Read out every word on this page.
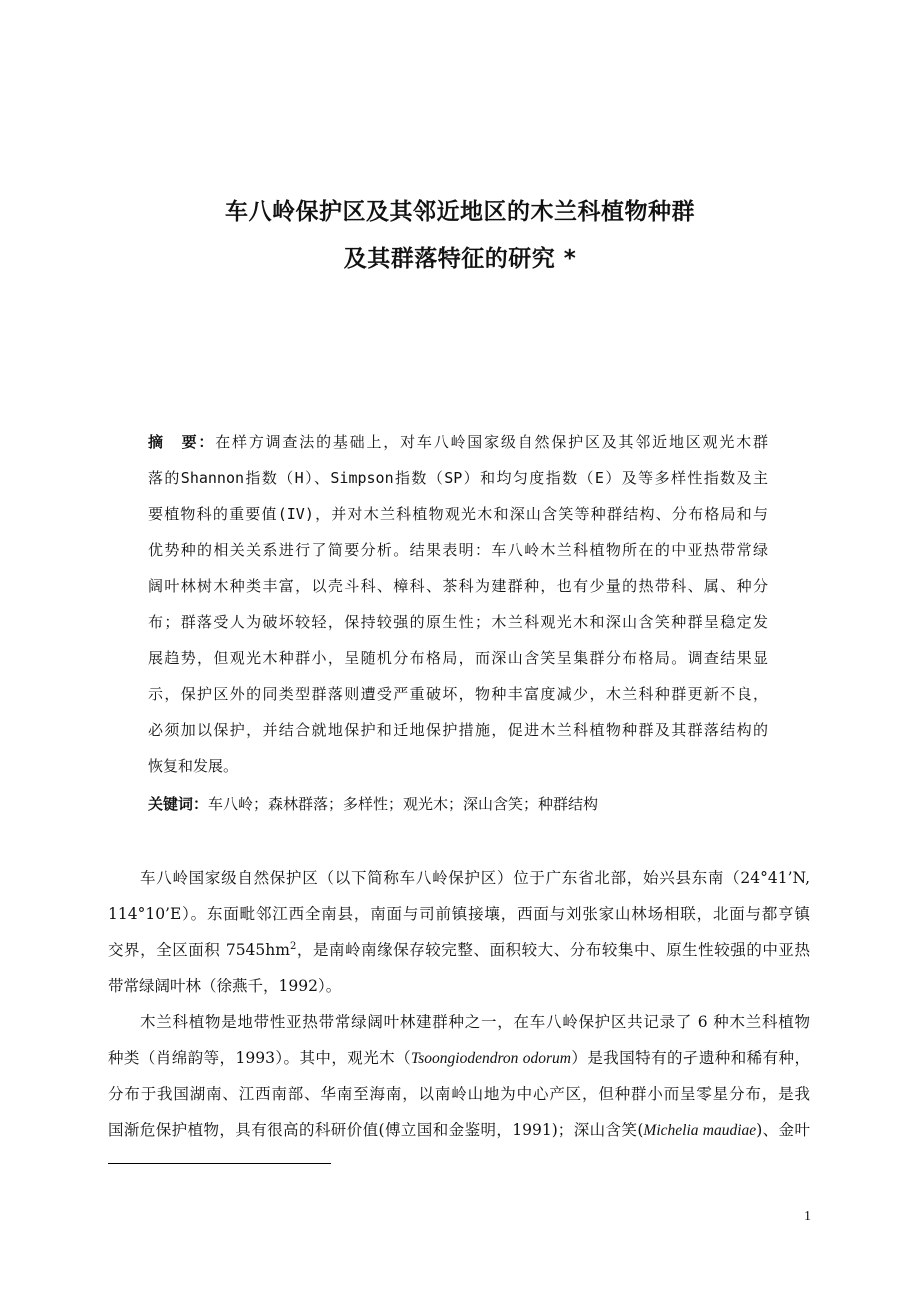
车八岭保护区及其邻近地区的木兰科植物种群
及其群落特征的研究 *
摘　要：在样方调查法的基础上，对车八岭国家级自然保护区及其邻近地区观光木群
落的Shannon指数（H）、Simpson指数（SP）和均匀度指数（E）及等多样性指数及主
要植物科的重要值(IV)，并对木兰科植物观光木和深山含笑等种群结构、分布格局和与
优势种的相关关系进行了简要分析。结果表明：车八岭木兰科植物所在的中亚热带常绿
阔叶林树木种类丰富，以壳斗科、樟科、茶科为建群种，也有少量的热带科、属、种分
布；群落受人为破坏较轻，保持较强的原生性；木兰科观光木和深山含笑种群呈稳定发
展趋势，但观光木种群小，呈随机分布格局，而深山含笑呈集群分布格局。调查结果显
示，保护区外的同类型群落则遭受严重破坏，物种丰富度减少，木兰科种群更新不良，
必须加以保护，并结合就地保护和迁地保护措施，促进木兰科植物种群及其群落结构的
恢复和发展。
关键词：车八岭；森林群落；多样性；观光木；深山含笑；种群结构
车八岭国家级自然保护区（以下简称车八岭保护区）位于广东省北部，始兴县东南（24°41’N,
114°10’E）。东面毗邻江西全南县，南面与司前镇接壤，西面与刘张家山林场相联，北面与都亨镇
交界，全区面积 $7545hm^2$，是南岭南缘保存较完整、面积较大、分布较集中、原生性较强的中亚热
带常绿阔叶林（徐燕千，1992）。
木兰科植物是地带性亚热带常绿阔叶林建群种之一，在车八岭保护区共记录了 6 种木兰科植物
种类（肖绵韵等，1993）。其中，观光木（Tsoongiodendron odorum）是我国特有的孑遗种和稀有种，
分布于我国湖南、江西南部、华南至海南，以南岭山地为中心产区，但种群小而呈零星分布，是我
国渐危保护植物，具有很高的科研价值(傅立国和金鉴明，1991)；深山含笑(Michelia maudiae)、金叶
1
